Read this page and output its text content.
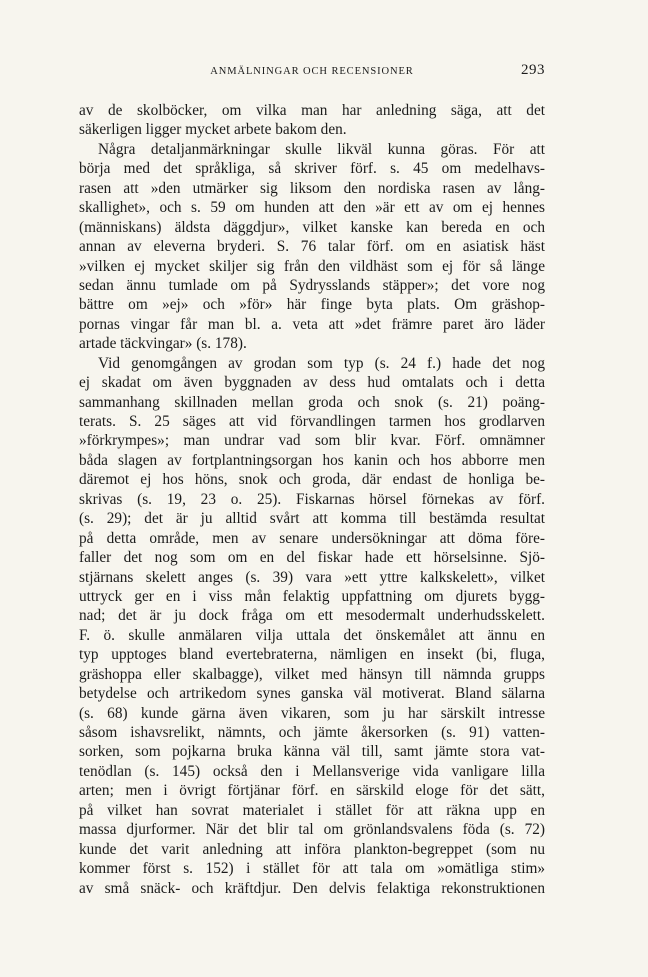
ANMÄLNINGAR OCH RECENSIONER	293
av de skolböcker, om vilka man har anledning säga, att det
säkerligen ligger mycket arbete bakom den.
Några detaljanmärkningar skulle likväl kunna göras. För att
börja med det språkliga, så skriver förf. s. 45 om medelhavs-
rasen att »den utmärker sig liksom den nordiska rasen av lång-
skallighet», och s. 59 om hunden att den »är ett av om ej hennes
(människans) äldsta däggdjur», vilket kanske kan bereda en och
annan av eleverna bryderi. S. 76 talar förf. om en asiatisk häst
»vilken ej mycket skiljer sig från den vildhäst som ej för så länge
sedan ännu tumlade om på Sydrysslands stäpper»; det vore nog
bättre om »ej» och »för» här finge byta plats. Om gräshop-
pornas vingar får man bl. a. veta att »det främre paret äro läder
artade täckvingar» (s. 178).
Vid genomgången av grodan som typ (s. 24 f.) hade det nog
ej skadat om även byggnaden av dess hud omtalats och i detta
sammanhang skillnaden mellan groda och snok (s. 21) poäng-
terats. S. 25 säges att vid förvandlingen tarmen hos grodlarven
»förkrympes»; man undrar vad som blir kvar. Förf. omnämner
båda slagen av fortplantningsorgan hos kanin och hos abborre men
däremot ej hos höns, snok och groda, där endast de honliga be-
skrivas (s. 19, 23 o. 25). Fiskarnas hörsel förnekas av förf.
(s. 29); det är ju alltid svårt att komma till bestämda resultat
på detta område, men av senare undersökningar att döma före-
faller det nog som om en del fiskar hade ett hörselsinne. Sjö-
stjärnans skelett anges (s. 39) vara »ett yttre kalkskelett», vilket
uttryck ger en i viss mån felaktig uppfattning om djurets bygg-
nad; det är ju dock fråga om ett mesodermalt underhudsskelett.
F. ö. skulle anmälaren vilja uttala det önskemålet att ännu en
typ upptoges bland evertebraterna, nämligen en insekt (bi, fluga,
gräshoppa eller skalbagge), vilket med hänsyn till nämnda grupps
betydelse och artrikedom synes ganska väl motiverat. Bland sälarna
(s. 68) kunde gärna även vikaren, som ju har särskilt intresse
såsom ishavsrelikt, nämnts, och jämte åkersorken (s. 91) vatten-
sorken, som pojkarna bruka känna väl till, samt jämte stora vat-
tenödlan (s. 145) också den i Mellansverige vida vanligare lilla
arten; men i övrigt förtjänar förf. en särskild eloge för det sätt,
på vilket han sovrat materialet i stället för att räkna upp en
massa djurformer. När det blir tal om grönlandsvalens föda (s. 72)
kunde det varit anledning att införa plankton-begreppet (som nu
kommer först s. 152) i stället för att tala om »omätliga stim»
av små snäck- och kräftdjur. Den delvis felaktiga rekonstruktionen
